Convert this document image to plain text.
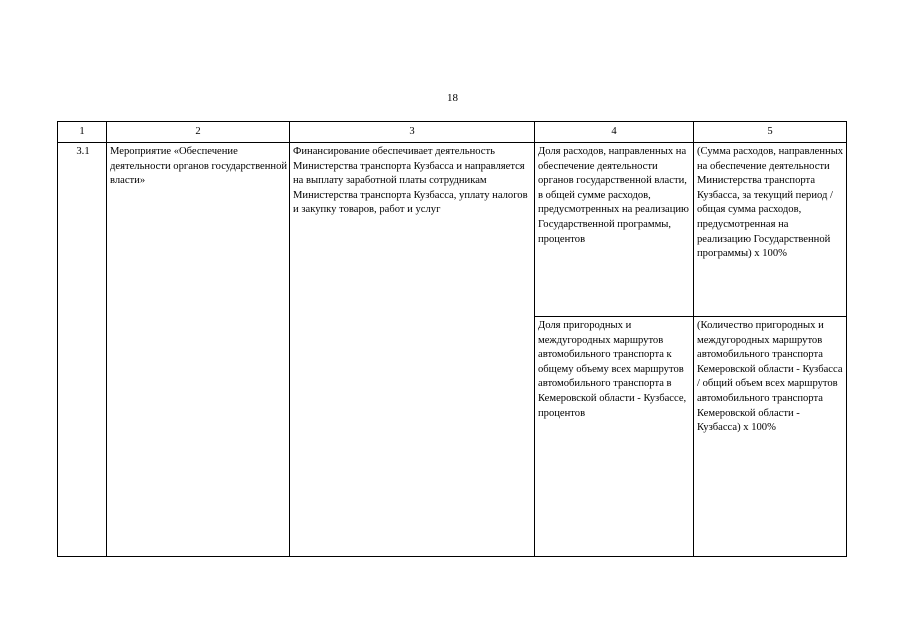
18
1	2	3	4	5
3.1	Мероприятие «Обеспечение деятельности органов государственной власти»	Финансирование обеспечивает деятельность Министерства транспорта Кузбасса и направляется на выплату заработной платы сотрудникам Министерства транспорта Кузбасса, уплату налогов и закупку товаров, работ и услуг	Доля расходов, направленных на обеспечение деятельности органов государственной власти, в общей сумме расходов, предусмотренных на реализацию Государственной программы, процентов	(Сумма расходов, направленных на обеспечение деятельности Министерства транспорта Кузбасса, за текущий период / общая сумма расходов, предусмотренная на реализацию Государственной программы) x 100%
			Доля пригородных и междугородных маршрутов автомобильного транспорта к общему объему всех маршрутов автомобильного транспорта в Кемеровской области - Кузбассе, процентов	(Количество пригородных и междугородных маршрутов автомобильного транспорта Кемеровской области - Кузбасса / общий объем всех маршрутов автомобильного транспорта Кемеровской области - Кузбасса) x 100%
